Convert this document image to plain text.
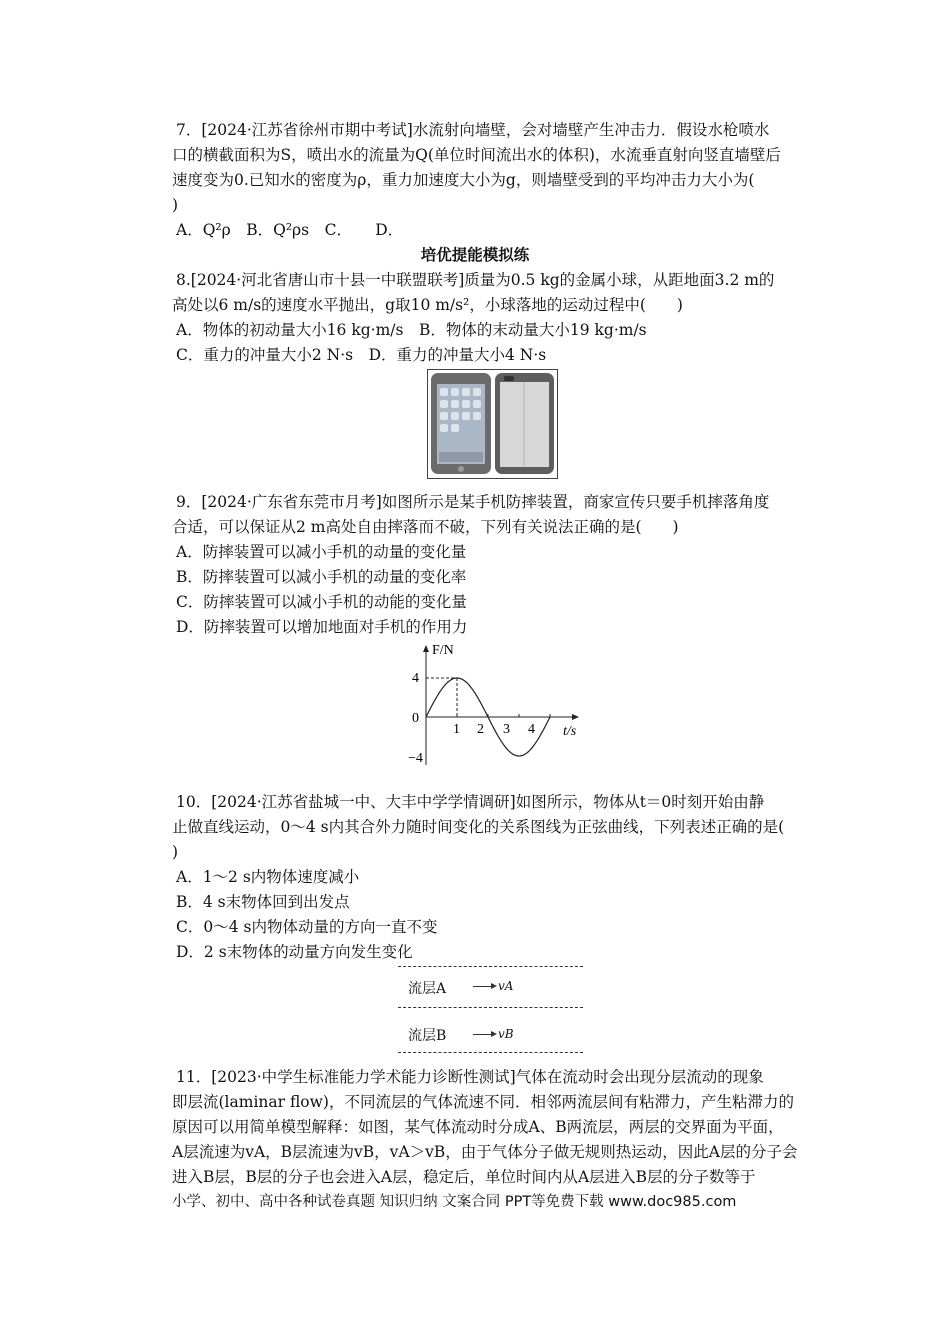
7．[2024·江苏省徐州市期中考试]水流射向墙壁，会对墙壁产生冲击力．假设水枪喷水
口的横截面积为S，喷出水的流量为Q(单位时间流出水的体积)，水流垂直射向竖直墙壁后
速度变为0.已知水的密度为ρ，重力加速度大小为g，则墙壁受到的平均冲击力大小为(
)
A．Q²ρ　B．Q²ρs　C．　　D．
培优提能模拟练
8.[2024·河北省唐山市十县一中联盟联考]质量为0.5 kg的金属小球，从距地面3.2 m的
高处以6 m/s的速度水平抛出，g取10 m/s²，小球落地的运动过程中(　　)
A．物体的初动量大小16 kg·m/s　B．物体的末动量大小19 kg·m/s
C．重力的冲量大小2 N·s　D．重力的冲量大小4 N·s
9．[2024·广东省东莞市月考]如图所示是某手机防摔装置，商家宣传只要手机摔落角度
合适，可以保证从2 m高处自由摔落而不破，下列有关说法正确的是(　　)
A．防摔装置可以减小手机的动量的变化量
B．防摔装置可以减小手机的动量的变化率
C．防摔装置可以减小手机的动能的变化量
D．防摔装置可以增加地面对手机的作用力
F/N
4
0
−4
1 2 3 4 t/s
10．[2024·江苏省盐城一中、大丰中学学情调研]如图所示，物体从t＝0时刻开始由静
止做直线运动，0～4 s内其合外力随时间变化的关系图线为正弦曲线，下列表述正确的是(
)
A．1～2 s内物体速度减小
B．4 s末物体回到出发点
C．0～4 s内物体动量的方向一直不变
D．2 s末物体的动量方向发生变化
流层A	vA
流层B	vB
11．[2023·中学生标准能力学术能力诊断性测试]气体在流动时会出现分层流动的现象
即层流(laminar flow)，不同流层的气体流速不同．相邻两流层间有粘滞力，产生粘滞力的
原因可以用简单模型解释：如图，某气体流动时分成A、B两流层，两层的交界面为平面，
A层流速为vA，B层流速为vB，vA＞vB，由于气体分子做无规则热运动，因此A层的分子会
进入B层，B层的分子也会进入A层，稳定后，单位时间内从A层进入B层的分子数等于
小学、初中、高中各种试卷真题 知识归纳 文案合同 PPT等免费下载 www.doc985.com
